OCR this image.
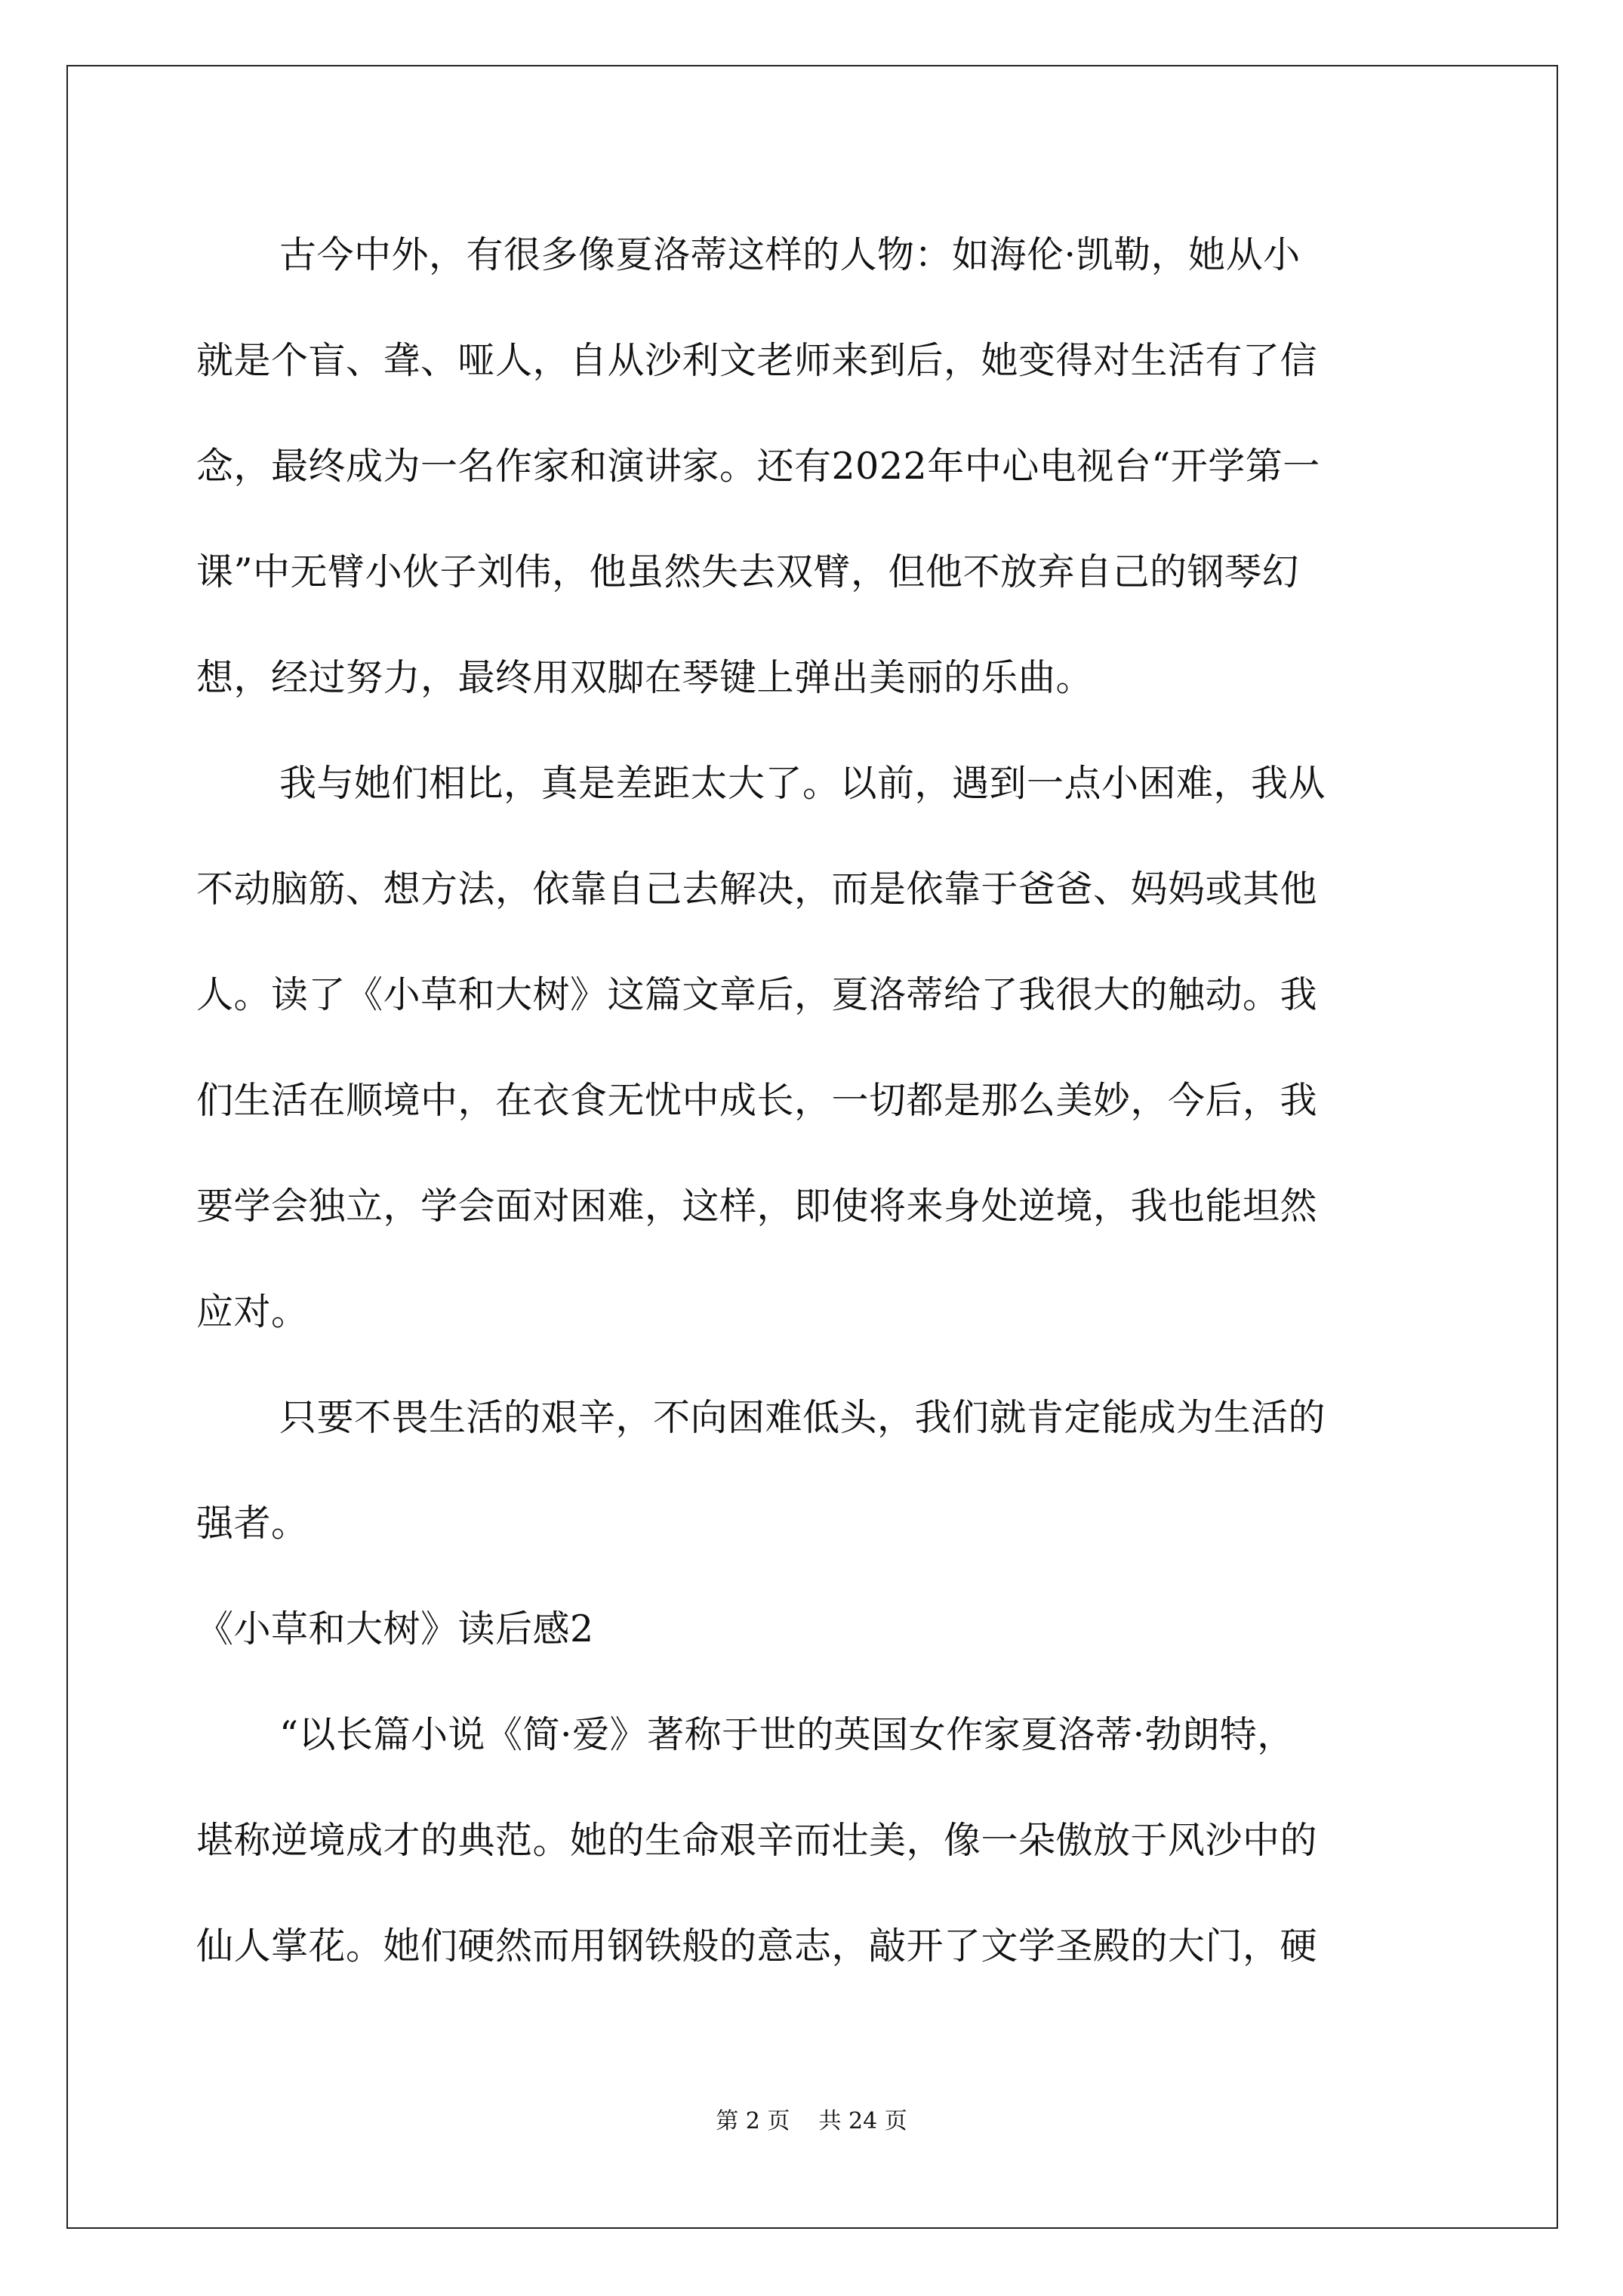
古今中外，有很多像夏洛蒂这样的人物：如海伦·凯勒，她从小
就是个盲、聋、哑人，自从沙利文老师来到后，她变得对生活有了信
念，最终成为一名作家和演讲家。还有2022年中心电视台“开学第一
课”中无臂小伙子刘伟，他虽然失去双臂，但他不放弃自己的钢琴幻
想，经过努力，最终用双脚在琴键上弹出美丽的乐曲。
我与她们相比，真是差距太大了。以前，遇到一点小困难，我从
不动脑筋、想方法，依靠自己去解决，而是依靠于爸爸、妈妈或其他
人。读了《小草和大树》这篇文章后，夏洛蒂给了我很大的触动。我
们生活在顺境中，在衣食无忧中成长，一切都是那么美妙，今后，我
要学会独立，学会面对困难，这样，即使将来身处逆境，我也能坦然
应对。
只要不畏生活的艰辛，不向困难低头，我们就肯定能成为生活的
强者。
《小草和大树》读后感2
“以长篇小说《简·爱》著称于世的英国女作家夏洛蒂·勃朗特，
堪称逆境成才的典范。她的生命艰辛而壮美，像一朵傲放于风沙中的
仙人掌花。她们硬然而用钢铁般的意志，敲开了文学圣殿的大门，硬
第 2 页    共 24 页
